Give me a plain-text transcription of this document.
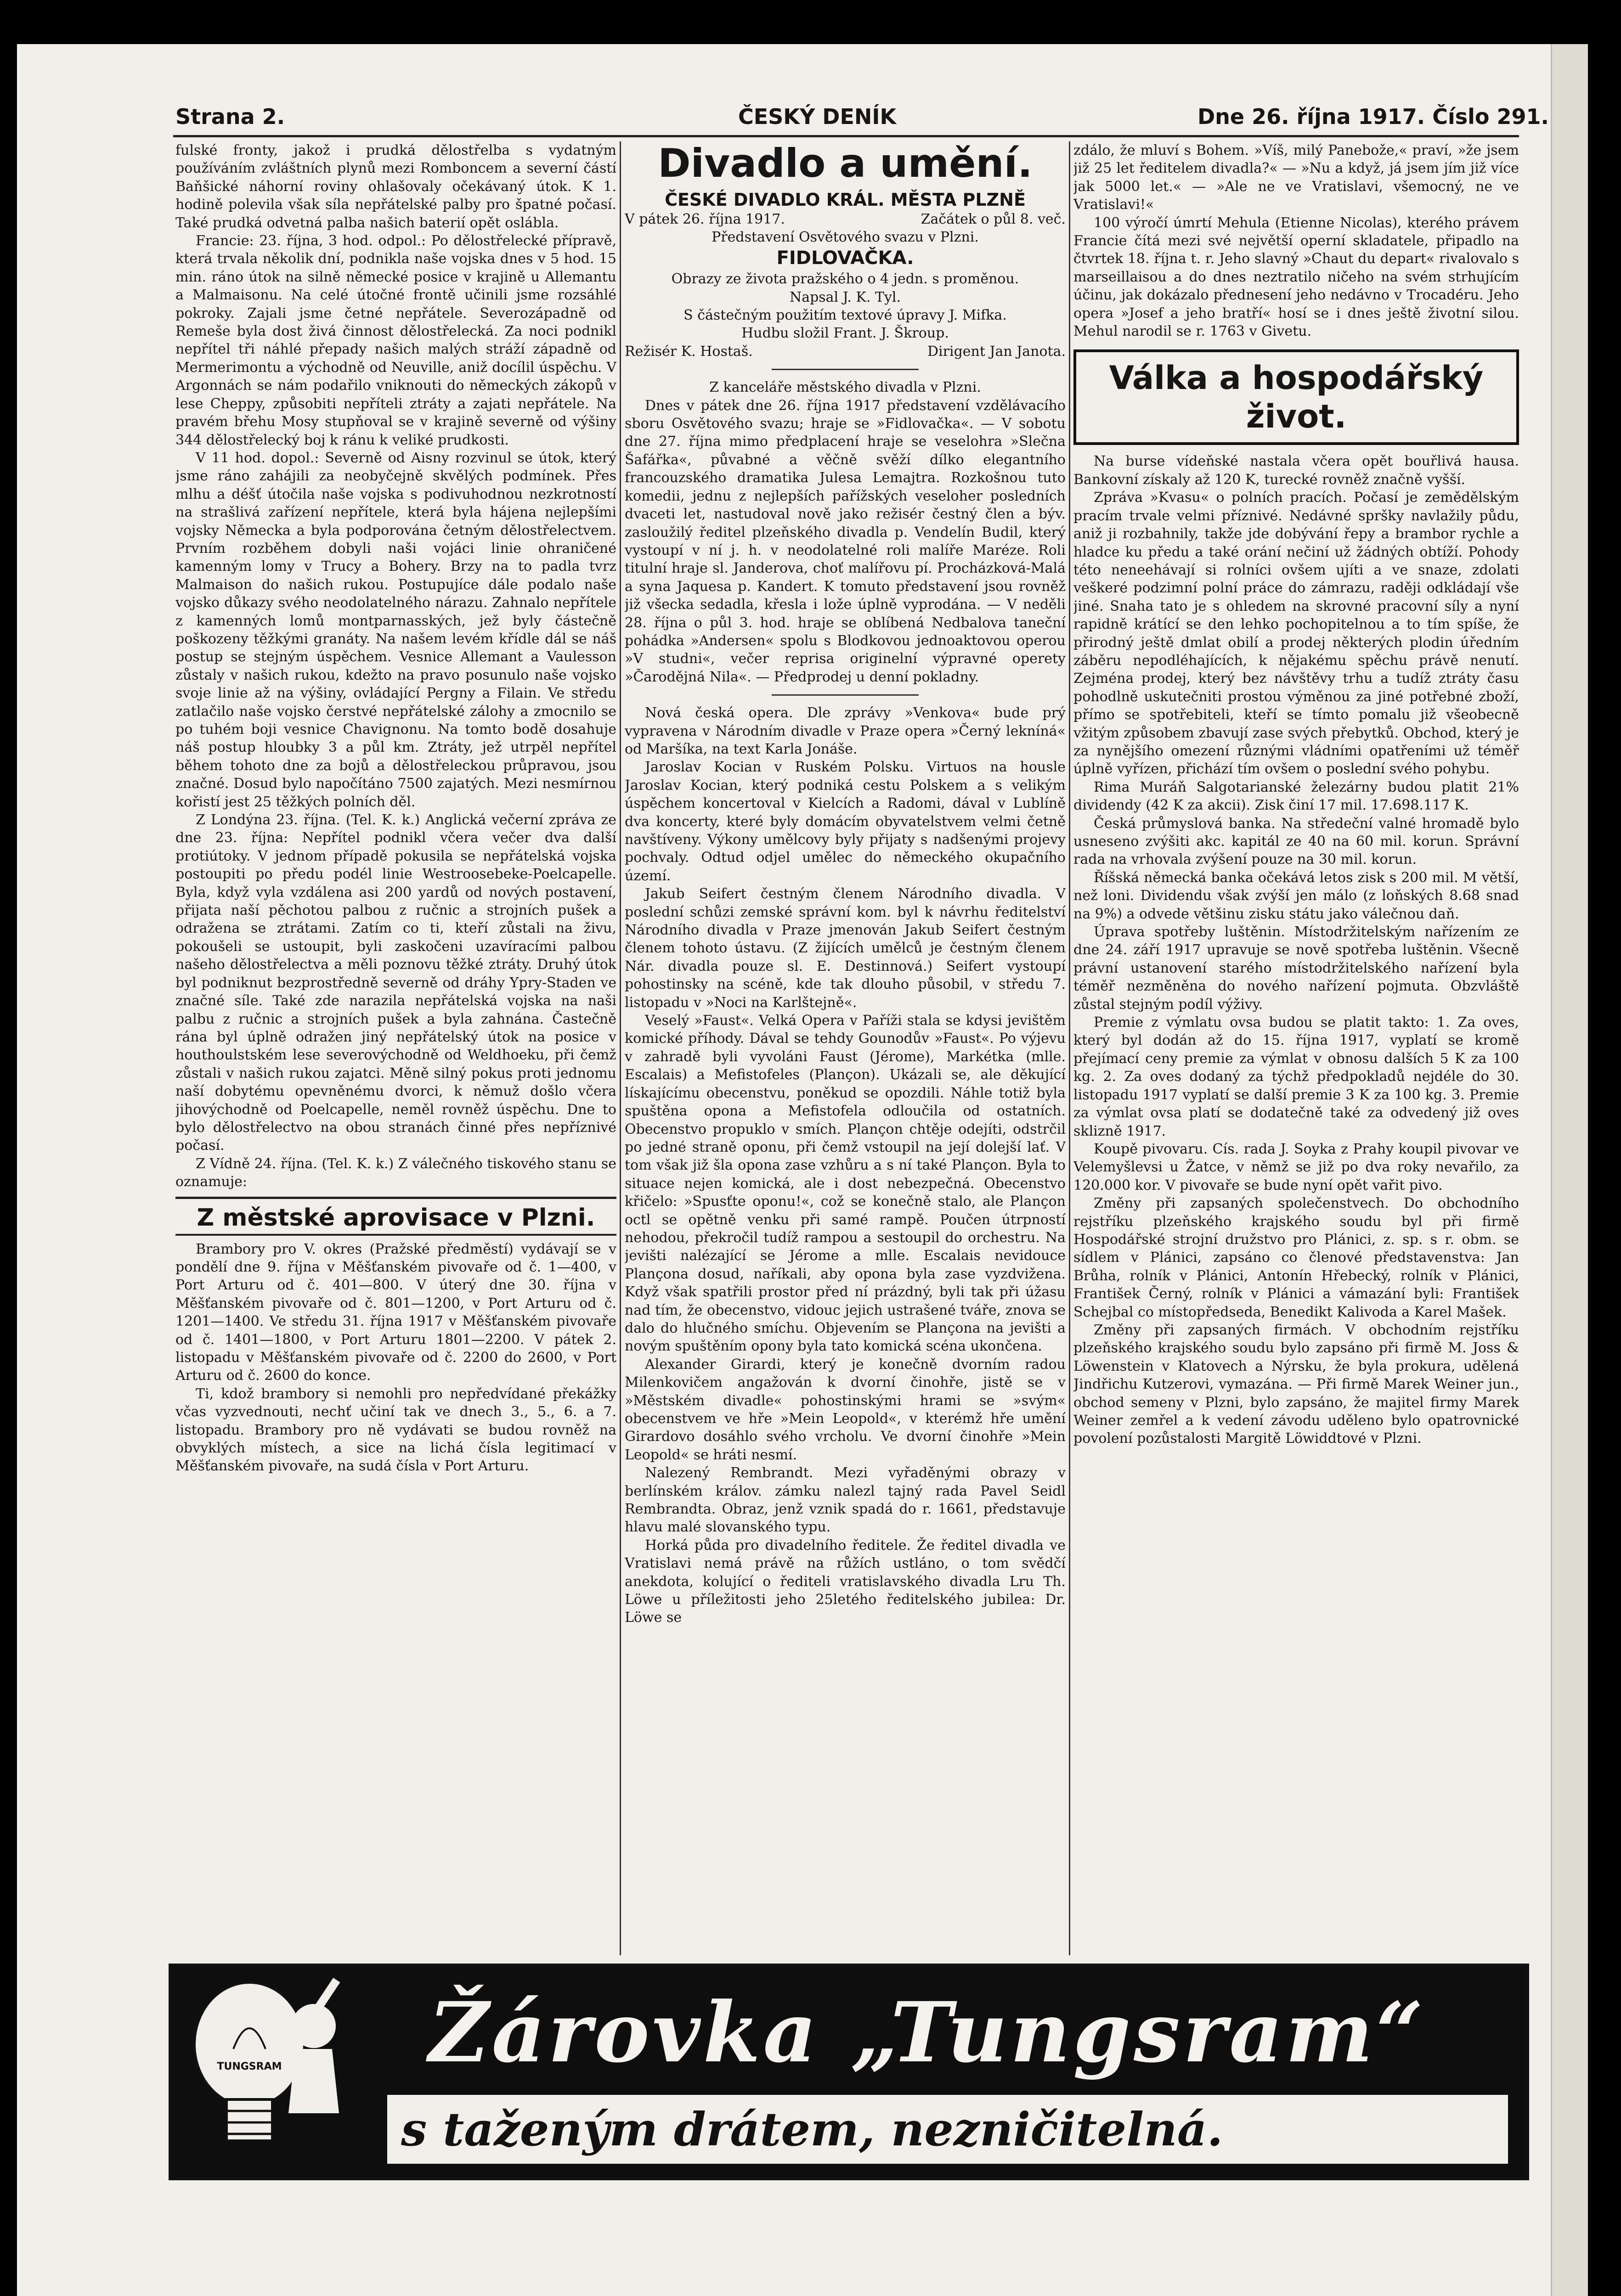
Strana 2.	ČESKÝ DENÍK	Dne 26. října 1917. Číslo 291.

fulské fronty, jakož i prudká dělostřelba s vydatným používáním zvláštních plynů mezi Romboncem a severní částí Baňšické náhorní roviny ohlašovaly očekávaný útok. K 1. hodině polevila však síla nepřátelské palby pro špatné počasí. Také prudká odvetná palba našich baterií opět oslábla.

Francie: 23. října, 3 hod. odpol.: Po dělostřelecké přípravě, která trvala několik dní, podnikla naše vojska dnes v 5 hod. 15 min. ráno útok na silně německé posice v krajině u Allemantu a Malmaisonu. Na celé útočné frontě učinili jsme rozsáhlé pokroky. Zajali jsme četné nepřátele. Severozápadně od Remeše byla dost živá činnost dělostřelecká. Za noci podnikl nepřítel tři náhlé přepady našich malých stráží západně od Mermerimontu a východně od Neuville, aniž docílil úspěchu. V Argonnách se nám podařilo vniknouti do německých zákopů v lese Cheppy, způsobiti nepříteli ztráty a zajati nepřátele. Na pravém břehu Mosy stupňoval se v krajině severně od výšiny 344 dělostřelecký boj k ránu k veliké prudkosti.

V 11 hod. dopol.: Severně od Aisny rozvinul se útok, který jsme ráno zahájili za neobyčejně skvělých podmínek. Přes mlhu a déšť útočila naše vojska s podivuhodnou nezkrotností na strašlivá zařízení nepřítele, která byla hájena nejlepšími vojsky Německa a byla podporována četným dělostřelectvem. Prvním rozběhem dobyli naši vojáci linie ohraničené kamenným lomy v Trucy a Bohery. Brzy na to padla tvrz Malmaison do našich rukou. Postupujíce dále podalo naše vojsko důkazy svého neodolatelného nárazu. Zahnalo nepřítele z kamenných lomů montparnasských, jež byly částečně poškozeny těžkými granáty. Na našem levém křídle dál se náš postup se stejným úspěchem. Vesnice Allemant a Vaulesson zůstaly v našich rukou, kdežto na pravo posunulo naše vojsko svoje linie až na výšiny, ovládající Pergny a Filain. Ve středu zatlačilo naše vojsko čerstvé nepřátelské zálohy a zmocnilo se po tuhém boji vesnice Chavignonu. Na tomto bodě dosahuje náš postup hloubky 3 a půl km. Ztráty, jež utrpěl nepřítel během tohoto dne za bojů a dělostřeleckou průpravou, jsou značné. Dosud bylo napočítáno 7500 zajatých. Mezi nesmírnou kořistí jest 25 těžkých polních děl.

Z Londýna 23. října. (Tel. K. k.) Anglická večerní zpráva ze dne 23. října: Nepřítel podnikl včera večer dva další protiútoky. V jednom případě pokusila se nepřátelská vojska postoupiti po předu podél linie Westroosebeke-Poelcapelle. Byla, když vyla vzdálena asi 200 yardů od nových postavení, přijata naší pěchotou palbou z ručnic a strojních pušek a odražena se ztrátami. Zatím co ti, kteří zůstali na živu, pokoušeli se ustoupit, byli zaskočeni uzavíracími palbou našeho dělostřelectva a měli poznovu těžké ztráty. Druhý útok byl podniknut bezprostředně severně od dráhy Ypry-Staden ve značné síle. Také zde narazila nepřátelská vojska na naši palbu z ručnic a strojních pušek a byla zahnána. Častečně rána byl úplně odražen jiný nepřátelský útok na posice v houthoulstském lese severovýchodně od Weldhoeku, při čemž zůstali v našich rukou zajatci. Měně silný pokus proti jednomu naší dobytému opevněnému dvorci, k němuž došlo včera jihovýchodně od Poelcapelle, neměl rovněž úspěchu. Dne to bylo dělostřelectvo na obou stranách činné přes nepříznivé počasí.

Z Vídně 24. října. (Tel. K. k.) Z válečného tiskového stanu se oznamuje:

Z městské aprovisace v Plzni.

Brambory pro V. okres (Pražské předměstí) vydávají se v pondělí dne 9. října v Měšťanském pivovaře od č. 1—400, v Port Arturu od č. 401—800. V úterý dne 30. října v Měšťanském pivovaře od č. 801—1200, v Port Arturu od č. 1201—1400. Ve středu 31. října 1917 v Měšťanském pivovaře od č. 1401—1800, v Port Arturu 1801—2200. V pátek 2. listopadu v Měšťanském pivovaře od č. 2200 do 2600, v Port Arturu od č. 2600 do konce.

Ti, kdož brambory si nemohli pro nepředvídané překážky včas vyzvednouti, nechť učiní tak ve dnech 3., 5., 6. a 7. listopadu. Brambory pro ně vydávati se budou rovněž na obvyklých místech, a sice na lichá čísla legitimací v Měšťanském pivovaře, na sudá čísla v Port Arturu.

Divadlo a umění.
ČESKÉ DIVADLO KRÁL. MĚSTA PLZNĚ
V pátek 26. října 1917.	Začátek o půl 8. več.

Představení Osvětového svazu v Plzni.

FIDLOVAČKA.

Obrazy ze života pražského o 4 jedn. s proměnou.

Napsal J. K. Tyl.

S částečným použitím textové úpravy J. Mifka.

Hudbu složil Frant. J. Škroup.

Režisér K. Hostaš.	Dirigent Jan Janota.

Z kanceláře městského divadla v Plzni.

Dnes v pátek dne 26. října 1917 představení vzdělávacího sboru Osvětového svazu; hraje se »Fidlovačka«. — V sobotu dne 27. října mimo předplacení hraje se veselohra »Slečna Šafářka«, půvabné a věčně svěží dílko elegantního francouzského dramatika Julesa Lemajtra. Rozkošnou tuto komedii, jednu z nejlepších pařížských veseloher posledních dvaceti let, nastudoval nově jako režisér čestný člen a býv. zasloužilý ředitel plzeňského divadla p. Vendelín Budil, který vystoupí v ní j. h. v neodolatelné roli malíře Maréze. Roli titulní hraje sl. Janderova, choť malířovu pí. Procházková-Malá a syna Jaquesa p. Kandert. K tomuto představení jsou rovněž již všecka sedadla, křesla i lože úplně vyprodána. — V neděli 28. října o půl 3. hod. hraje se oblíbená Nedbalova taneční pohádka »Andersen« spolu s Blodkovou jednoaktovou operou »V studni«, večer reprisa originelní výpravné operety »Čarodějná Nila«. — Předprodej u denní pokladny.

Nová česká opera. Dle zprávy »Venkova« bude prý vypravena v Národním divadle v Praze opera »Černý lekníná« od Maršíka, na text Karla Jonáše.

Jaroslav Kocian v Ruském Polsku. Virtuos na housle Jaroslav Kocian, který podniká cestu Polskem a s velikým úspěchem koncertoval v Kielcích a Radomi, dával v Lublíně dva koncerty, které byly domácím obyvatelstvem velmi četně navštíveny. Výkony umělcovy byly přijaty s nadšenými projevy pochvaly. Odtud odjel umělec do německého okupačního území.

Jakub Seifert čestným členem Národního divadla. V poslední schůzi zemské správní kom. byl k návrhu ředitelství Národního divadla v Praze jmenován Jakub Seifert čestným členem tohoto ústavu. (Z žijících umělců je čestným členem Nár. divadla pouze sl. E. Destinnová.) Seifert vystoupí pohostinsky na scéně, kde tak dlouho působil, v středu 7. listopadu v »Noci na Karlštejně«.

Veselý »Faust«. Velká Opera v Paříži stala se kdysi jevištěm komické příhody. Dával se tehdy Gounodův »Faust«. Po výjevu v zahradě byli vyvoláni Faust (Jérome), Markétka (mlle. Escalais) a Mefistofeles (Plançon). Ukázali se, ale děkující lískajícímu obecenstvu, poněkud se opozdili. Náhle totiž byla spuštěna opona a Mefistofela odloučila od ostatních. Obecenstvo propuklo v smích. Plançon chtěje odejíti, odstrčil po jedné straně oponu, při čemž vstoupil na její dolejší lať. V tom však již šla opona zase vzhůru a s ní také Plançon. Byla to situace nejen komická, ale i dost nebezpečná. Obecenstvo křičelo: »Spusťte oponu!«, což se konečně stalo, ale Plançon octl se opětně venku při samé rampě. Poučen útrpností nehodou, překročil tudíž rampou a sestoupil do orchestru. Na jevišti nalézající se Jérome a mlle. Escalais nevidouce Plançona dosud, naříkali, aby opona byla zase vyzdvižena. Když však spatřili prostor před ní prázdný, byli tak při úžasu nad tím, že obecenstvo, vidouc jejich ustrašené tváře, znova se dalo do hlučného smíchu. Objevením se Plançona na jevišti a novým spuštěním opony byla tato komická scéna ukončena.

Alexander Girardi, který je konečně dvorním radou Milenkovičem angažován k dvorní činohře, jistě se v »Městském divadle« pohostinskými hrami se »svým« obecenstvem ve hře »Mein Leopold«, v kterémž hře umění Girardovo dosáhlo svého vrcholu. Ve dvorní činohře »Mein Leopold« se hráti nesmí.

Nalezený Rembrandt. Mezi vyřaděnými obrazy v berlínském králov. zámku nalezl tajný rada Pavel Seidl Rembrandta. Obraz, jenž vznik spadá do r. 1661, představuje hlavu malé slovanského typu.

Horká půda pro divadelního ředitele. Že ředitel divadla ve Vratislavi nemá právě na růžích ustláno, o tom svědčí anekdota, kolující o řediteli vratislavského divadla Lru Th. Löwe u příležitosti jeho 25letého ředitelského jubilea: Dr. Löwe se

zdálo, že mluví s Bohem. »Víš, milý Panebože,« praví, »že jsem již 25 let ředitelem divadla?« — »Nu a když, já jsem jím již více jak 5000 let.« — »Ale ne ve Vratislavi, všemocný, ne ve Vratislavi!«

100 výročí úmrtí Mehula (Etienne Nicolas), kterého právem Francie čítá mezi své největší operní skladatele, připadlo na čtvrtek 18. října t. r. Jeho slavný »Chaut du depart« rivalovalo s marseillaisou a do dnes neztratilo ničeho na svém strhujícím účinu, jak dokázalo přednesení jeho nedávno v Trocadéru. Jeho opera »Josef a jeho bratří« hosí se i dnes ještě životní silou. Mehul narodil se r. 1763 v Givetu.

Válka a hospodářský
život.

Na burse vídeňské nastala včera opět bouřlivá hausa. Bankovní získaly až 120 K, turecké rovněž značně vyšší.

Zpráva »Kvasu« o polních pracích. Počasí je zemědělským pracím trvale velmi příznivé. Nedávné spršky navlažily půdu, aniž ji rozbahnily, takže jde dobývání řepy a brambor rychle a hladce ku předu a také orání nečiní už žádných obtíží. Pohody této neneehávají si rolníci ovšem ujíti a ve snaze, zdolati veškeré podzimní polní práce do zámrazu, raději odkládají vše jiné. Snaha tato je s ohledem na skrovné pracovní síly a nyní rapidně krátící se den lehko pochopitelnou a to tím spíše, že přirodný ještě dmlat obilí a prodej některých plodin úředním záběru nepodléhajících, k nějakému spěchu právě nenutí. Zejména prodej, který bez návštěvy trhu a tudíž ztráty času pohodlně uskutečniti prostou výměnou za jiné potřebné zboží, přímo se spotřebiteli, kteří se tímto pomalu již všeobecně vžitým způsobem zbavují zase svých přebytků. Obchod, který je za nynějšího omezení různými vládními opatřeními už téměř úplně vyřízen, přichází tím ovšem o poslední svého pohybu.

Rima Muráň Salgotarianské železárny budou platit 21% dividendy (42 K za akcii). Zisk činí 17 mil. 17.698.117 K.

Česká průmyslová banka. Na středeční valné hromadě bylo usneseno zvýšiti akc. kapitál ze 40 na 60 mil. korun. Správní rada na vrhovala zvýšení pouze na 30 mil. korun.

Říšská německá banka očekává letos zisk s 200 mil. M větší, než loni. Dividendu však zvýší jen málo (z loňských 8.68 snad na 9%) a odvede většinu zisku státu jako válečnou daň.

Úprava spotřeby luštěnin. Místodržitelským nařízením ze dne 24. září 1917 upravuje se nově spotřeba luštěnin. Všecně právní ustanovení starého místodržitelského nařízení byla téměř nezměněna do nového nařízení pojmuta. Obzvláště zůstal stejným podíl výživy.

Premie z výmlatu ovsa budou se platit takto: 1. Za oves, který byl dodán až do 15. října 1917, vyplatí se kromě přejímací ceny premie za výmlat v obnosu dalších 5 K za 100 kg. 2. Za oves dodaný za týchž předpokladů nejdéle do 30. listopadu 1917 vyplatí se další premie 3 K za 100 kg. 3. Premie za výmlat ovsa platí se dodatečně také za odvedený již oves sklizně 1917.

Koupě pivovaru. Cís. rada J. Soyka z Prahy koupil pivovar ve Velemyšlevsi u Žatce, v němž se již po dva roky nevařilo, za 120.000 kor. V pivovaře se bude nyní opět vařit pivo.

Změny při zapsaných společenstvech. Do obchodního rejstříku plzeňského krajského soudu byl při firmě Hospodářské strojní družstvo pro Plánici, z. sp. s r. obm. se sídlem v Plánici, zapsáno co členové představenstva: Jan Brůha, rolník v Plánici, Antonín Hřebecký, rolník v Plánici, František Černý, rolník v Plánici a vámazání byli: František Schejbal co místopředseda, Benedikt Kalivoda a Karel Mašek.

Změny při zapsaných firmách. V obchodním rejstříku plzeňského krajského soudu bylo zapsáno při firmě M. Joss & Löwenstein v Klatovech a Nýrsku, že byla prokura, udělená Jindřichu Kutzerovi, vymazána. — Při firmě Marek Weiner jun., obchod semeny v Plzni, bylo zapsáno, že majitel firmy Marek Weiner zemřel a k vedení závodu uděleno bylo opatrovnické povolení pozůstalosti Margitě Löwiddtové v Plzni.

TUNGSRAM Žárovka „Tungsram“
s taženým drátem, nezničitelná.
